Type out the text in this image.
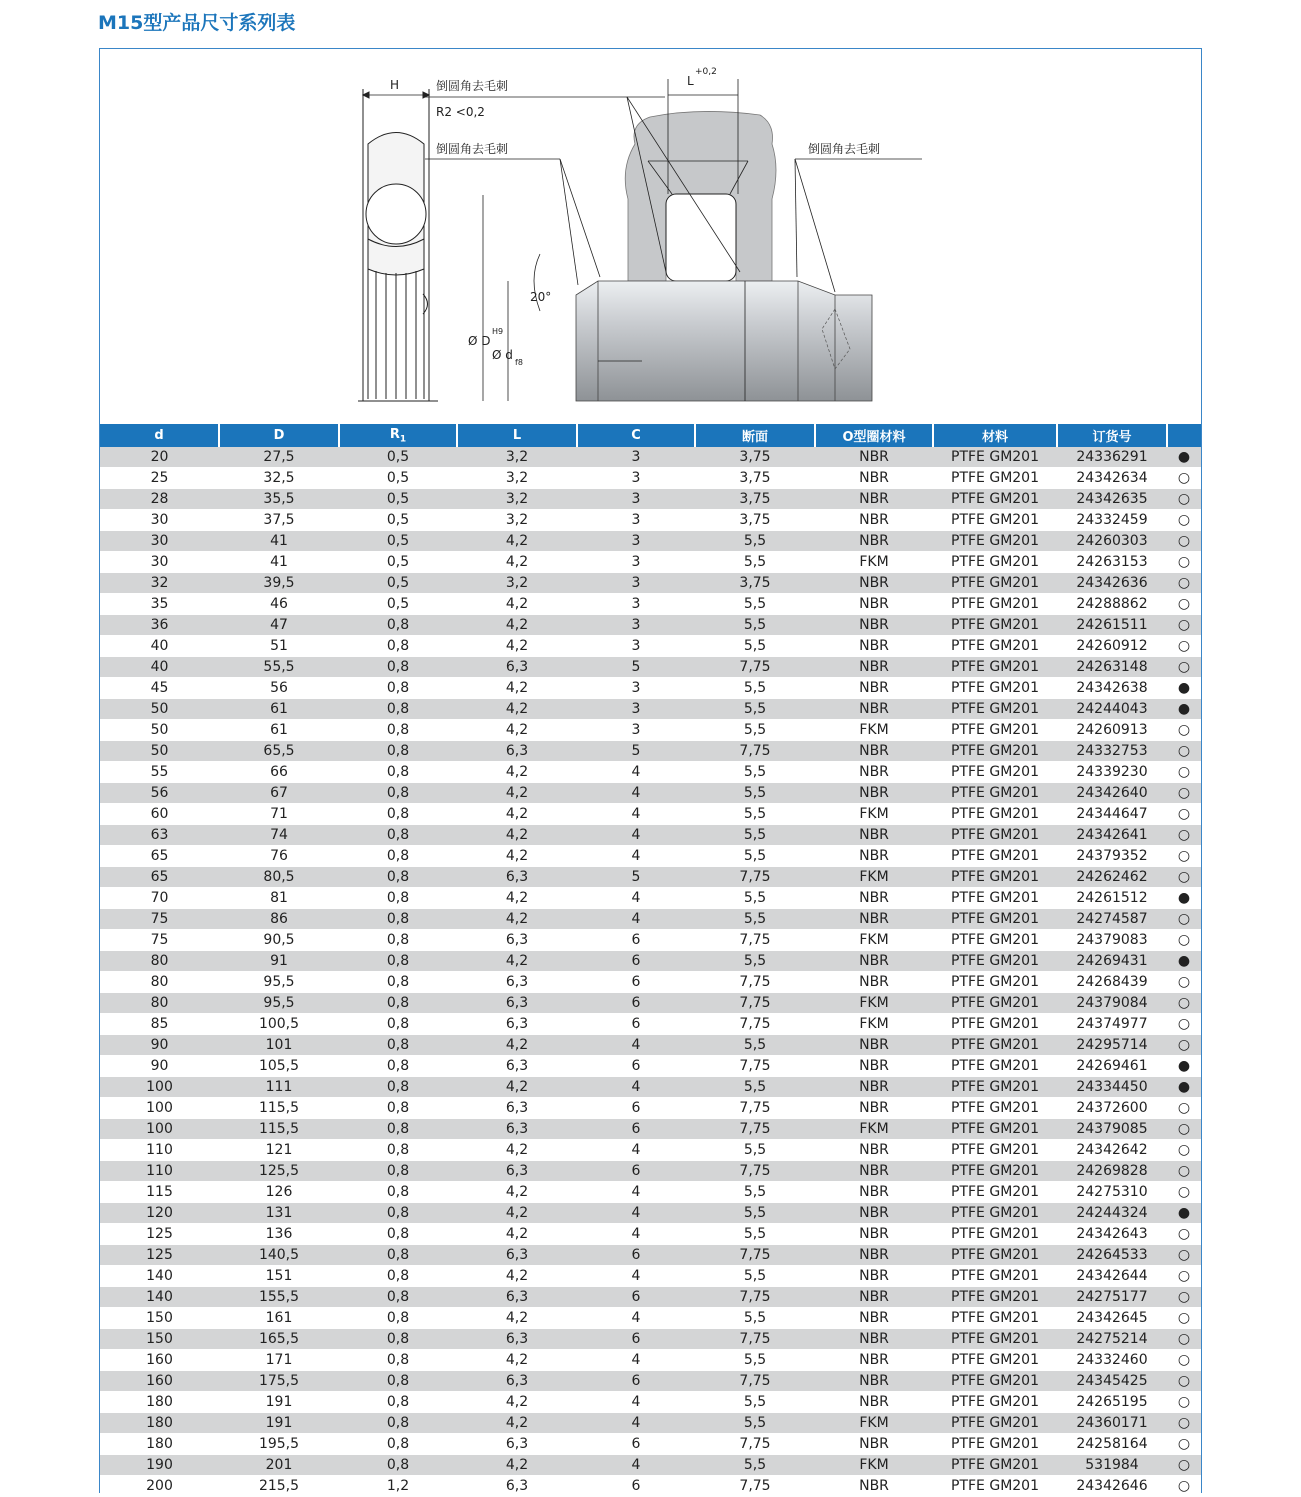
M15型产品尺寸系列表
H	倒圆角去毛刺
R2 <0,2
倒圆角去毛刺	倒圆角去毛刺
L
+0,2
20°
Ø D
H9
Ø d
f8
d	D	$R_1$	L	C	断面	O型圈材料	材料	订货号	
20	27,5	0,5	3,2	3	3,75	NBR	PTFE GM201	24336291	●
25	32,5	0,5	3,2	3	3,75	NBR	PTFE GM201	24342634	○
28	35,5	0,5	3,2	3	3,75	NBR	PTFE GM201	24342635	○
30	37,5	0,5	3,2	3	3,75	NBR	PTFE GM201	24332459	○
30	41	0,5	4,2	3	5,5	NBR	PTFE GM201	24260303	○
30	41	0,5	4,2	3	5,5	FKM	PTFE GM201	24263153	○
32	39,5	0,5	3,2	3	3,75	NBR	PTFE GM201	24342636	○
35	46	0,5	4,2	3	5,5	NBR	PTFE GM201	24288862	○
36	47	0,8	4,2	3	5,5	NBR	PTFE GM201	24261511	○
40	51	0,8	4,2	3	5,5	NBR	PTFE GM201	24260912	○
40	55,5	0,8	6,3	5	7,75	NBR	PTFE GM201	24263148	○
45	56	0,8	4,2	3	5,5	NBR	PTFE GM201	24342638	●
50	61	0,8	4,2	3	5,5	NBR	PTFE GM201	24244043	●
50	61	0,8	4,2	3	5,5	FKM	PTFE GM201	24260913	○
50	65,5	0,8	6,3	5	7,75	NBR	PTFE GM201	24332753	○
55	66	0,8	4,2	4	5,5	NBR	PTFE GM201	24339230	○
56	67	0,8	4,2	4	5,5	NBR	PTFE GM201	24342640	○
60	71	0,8	4,2	4	5,5	FKM	PTFE GM201	24344647	○
63	74	0,8	4,2	4	5,5	NBR	PTFE GM201	24342641	○
65	76	0,8	4,2	4	5,5	NBR	PTFE GM201	24379352	○
65	80,5	0,8	6,3	5	7,75	FKM	PTFE GM201	24262462	○
70	81	0,8	4,2	4	5,5	NBR	PTFE GM201	24261512	●
75	86	0,8	4,2	4	5,5	NBR	PTFE GM201	24274587	○
75	90,5	0,8	6,3	6	7,75	FKM	PTFE GM201	24379083	○
80	91	0,8	4,2	6	5,5	NBR	PTFE GM201	24269431	●
80	95,5	0,8	6,3	6	7,75	NBR	PTFE GM201	24268439	○
80	95,5	0,8	6,3	6	7,75	FKM	PTFE GM201	24379084	○
85	100,5	0,8	6,3	6	7,75	FKM	PTFE GM201	24374977	○
90	101	0,8	4,2	4	5,5	NBR	PTFE GM201	24295714	○
90	105,5	0,8	6,3	6	7,75	NBR	PTFE GM201	24269461	●
100	111	0,8	4,2	4	5,5	NBR	PTFE GM201	24334450	●
100	115,5	0,8	6,3	6	7,75	NBR	PTFE GM201	24372600	○
100	115,5	0,8	6,3	6	7,75	FKM	PTFE GM201	24379085	○
110	121	0,8	4,2	4	5,5	NBR	PTFE GM201	24342642	○
110	125,5	0,8	6,3	6	7,75	NBR	PTFE GM201	24269828	○
115	126	0,8	4,2	4	5,5	NBR	PTFE GM201	24275310	○
120	131	0,8	4,2	4	5,5	NBR	PTFE GM201	24244324	●
125	136	0,8	4,2	4	5,5	NBR	PTFE GM201	24342643	○
125	140,5	0,8	6,3	6	7,75	NBR	PTFE GM201	24264533	○
140	151	0,8	4,2	4	5,5	NBR	PTFE GM201	24342644	○
140	155,5	0,8	6,3	6	7,75	NBR	PTFE GM201	24275177	○
150	161	0,8	4,2	4	5,5	NBR	PTFE GM201	24342645	○
150	165,5	0,8	6,3	6	7,75	NBR	PTFE GM201	24275214	○
160	171	0,8	4,2	4	5,5	NBR	PTFE GM201	24332460	○
160	175,5	0,8	6,3	6	7,75	NBR	PTFE GM201	24345425	○
180	191	0,8	4,2	4	5,5	NBR	PTFE GM201	24265195	○
180	191	0,8	4,2	4	5,5	FKM	PTFE GM201	24360171	○
180	195,5	0,8	6,3	6	7,75	NBR	PTFE GM201	24258164	○
190	201	0,8	4,2	4	5,5	FKM	PTFE GM201	531984	○
200	215,5	1,2	6,3	6	7,75	NBR	PTFE GM201	24342646	○
